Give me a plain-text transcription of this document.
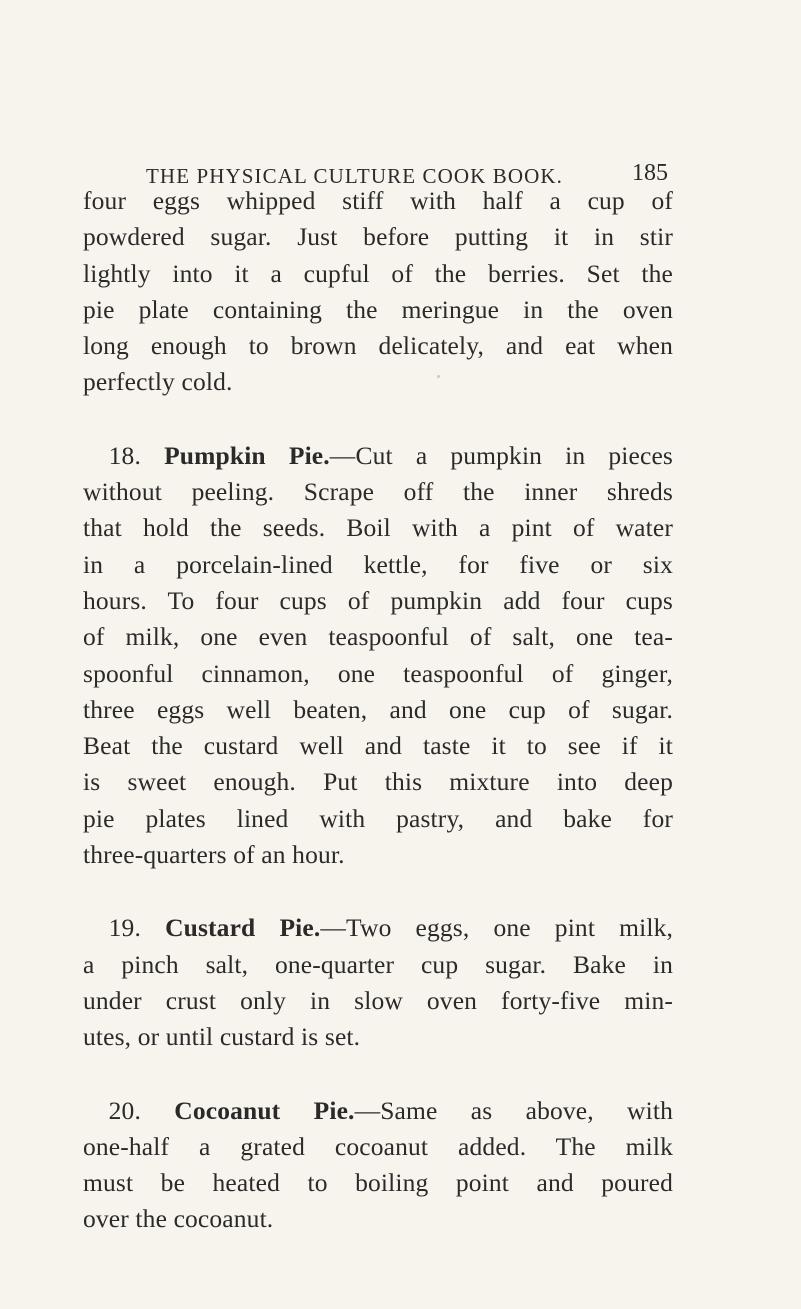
THE PHYSICAL CULTURE COOK BOOK.	185
four eggs whipped stiff with half a cup of
powdered sugar. Just before putting it in stir
lightly into it a cupful of the berries. Set the
pie plate containing the meringue in the oven
long enough to brown delicately, and eat when
perfectly cold.
 18. Pumpkin Pie.—Cut a pumpkin in pieces
without peeling. Scrape off the inner shreds
that hold the seeds. Boil with a pint of water
in a porcelain-lined kettle, for five or six
hours. To four cups of pumpkin add four cups
of milk, one even teaspoonful of salt, one tea-
spoonful cinnamon, one teaspoonful of ginger,
three eggs well beaten, and one cup of sugar.
Beat the custard well and taste it to see if it
is sweet enough. Put this mixture into deep
pie plates lined with pastry, and bake for
three-quarters of an hour.
 19. Custard Pie.—Two eggs, one pint milk,
a pinch salt, one-quarter cup sugar. Bake in
under crust only in slow oven forty-five min-
utes, or until custard is set.
 20. Cocoanut Pie.—Same as above, with
one-half a grated cocoanut added. The milk
must be heated to boiling point and poured
over the cocoanut.
